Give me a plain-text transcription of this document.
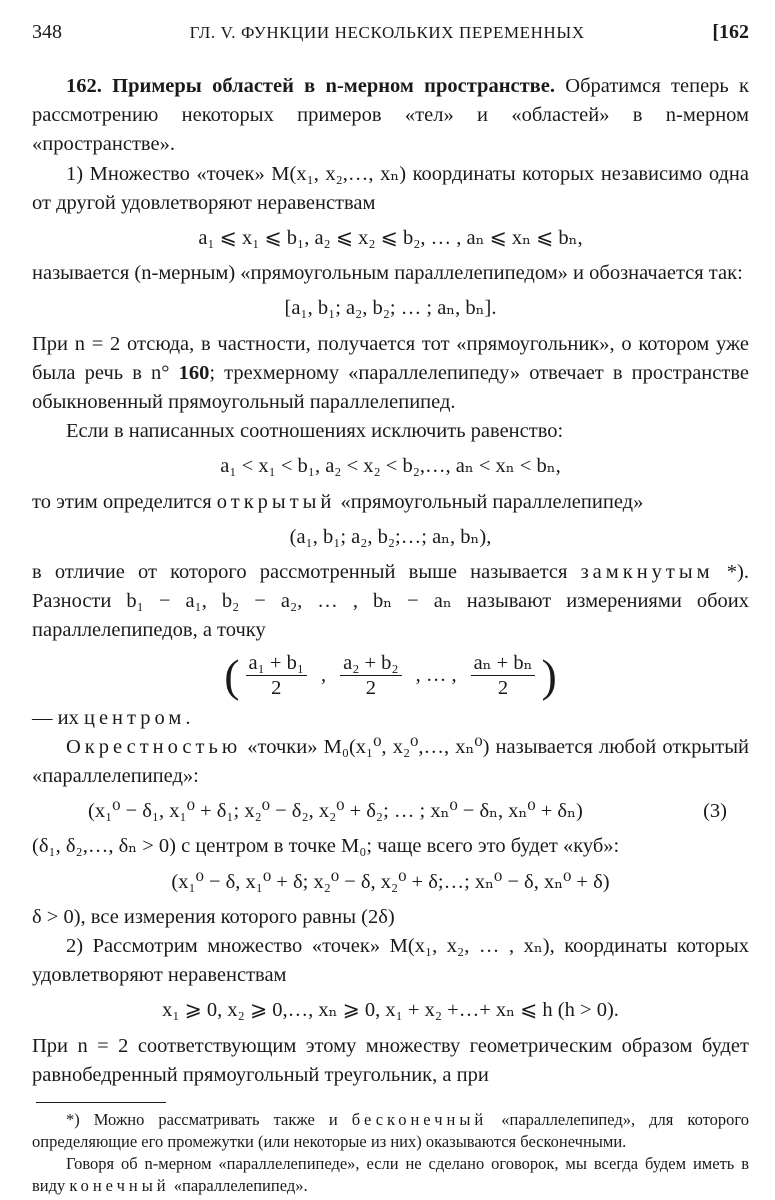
348	ГЛ. V. ФУНКЦИИ НЕСКОЛЬКИХ ПЕРЕМЕННЫХ	[162

162. Примеры областей в n-мерном пространстве. Обратимся теперь к рассмотрению некоторых примеров «тел» и «областей» в n-мерном «пространстве».

1) Множество «точек» M(x₁, x₂,…, xₙ) координаты которых независимо одна от другой удовлетворяют неравенствам

a₁ ⩽ x₁ ⩽ b₁, a₂ ⩽ x₂ ⩽ b₂, … , aₙ ⩽ xₙ ⩽ bₙ,

называется (n-мерным) «прямоугольным параллелепипедом» и обозначается так:

[a₁, b₁; a₂, b₂; … ; aₙ, bₙ].

При n = 2 отсюда, в частности, получается тот «прямоугольник», о котором уже была речь в n° 160; трехмерному «параллелепипеду» отвечает в пространстве обыкновенный прямоугольный параллелепипед.

Если в написанных соотношениях исключить равенство:

a₁ < x₁ < b₁, a₂ < x₂ < b₂,…, aₙ < xₙ < bₙ,

то этим определится открытый «прямоугольный параллелепипед»

(a₁, b₁; a₂, b₂;…; aₙ, bₙ),

в отличие от которого рассмотренный выше называется замкнутым *). Разности b₁ − a₁, b₂ − a₂, … , bₙ − aₙ называют измерениями обоих параллелепипедов, а точку

( $\frac{\text{a₁ + b₁}}{2}$ , $\frac{\text{a₂ + b₂}}{2}$ , … , $\frac{\text{aₙ + bₙ}}{2}$ )

— их центром.

Окрестностью «точки» M₀(x₁⁰, x₂⁰,…, xₙ⁰) называется любой открытый «параллелепипед»:

(x₁⁰ − δ₁, x₁⁰ + δ₁; x₂⁰ − δ₂, x₂⁰ + δ₂; … ; xₙ⁰ − δₙ, xₙ⁰ + δₙ)	(3)

(δ₁, δ₂,…, δₙ > 0) с центром в точке M₀; чаще всего это будет «куб»:

(x₁⁰ − δ, x₁⁰ + δ; x₂⁰ − δ, x₂⁰ + δ;…; xₙ⁰ − δ, xₙ⁰ + δ)

δ > 0), все измерения которого равны (2δ)

2) Рассмотрим множество «точек» M(x₁, x₂, … , xₙ), координаты которых удовлетворяют неравенствам

x₁ ⩾ 0, x₂ ⩾ 0,…, xₙ ⩾ 0, x₁ + x₂ +…+ xₙ ⩽ h (h > 0).

При n = 2 соответствующим этому множеству геометрическим образом будет равнобедренный прямоугольный треугольник, а при

*) Можно рассматривать также и бесконечный «параллелепипед», для которого определяющие его промежутки (или некоторые из них) оказываются бесконечными.

Говоря об n-мерном «параллелепипеде», если не сделано оговорок, мы всегда будем иметь в виду конечный «параллелепипед».
